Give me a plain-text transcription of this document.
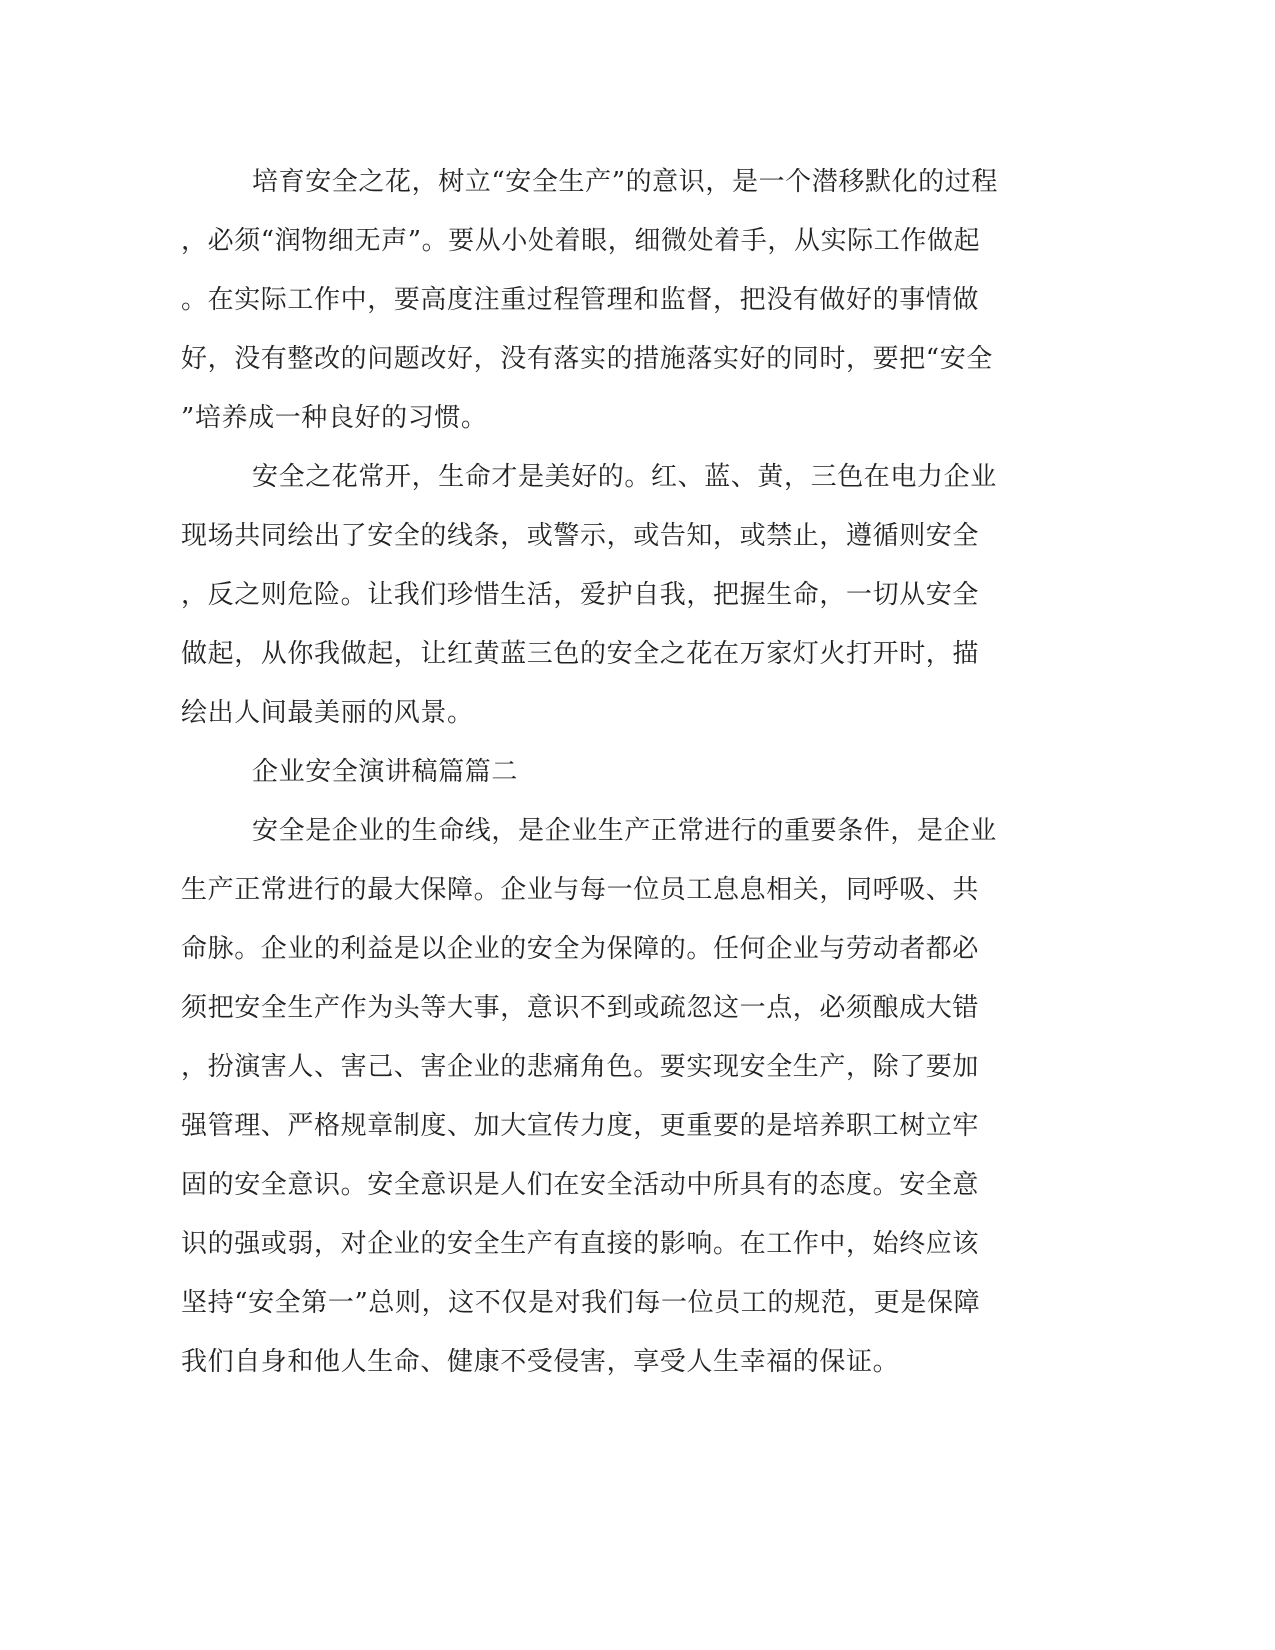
培育安全之花，树立“安全生产”的意识，是一个潜移默化的过程
，必须“润物细无声”。要从小处着眼，细微处着手，从实际工作做起
。在实际工作中，要高度注重过程管理和监督，把没有做好的事情做
好，没有整改的问题改好，没有落实的措施落实好的同时，要把“安全
”培养成一种良好的习惯。
安全之花常开，生命才是美好的。红、蓝、黄，三色在电力企业
现场共同绘出了安全的线条，或警示，或告知，或禁止，遵循则安全
，反之则危险。让我们珍惜生活，爱护自我，把握生命，一切从安全
做起，从你我做起，让红黄蓝三色的安全之花在万家灯火打开时，描
绘出人间最美丽的风景。
企业安全演讲稿篇篇二
安全是企业的生命线，是企业生产正常进行的重要条件，是企业
生产正常进行的最大保障。企业与每一位员工息息相关，同呼吸、共
命脉。企业的利益是以企业的安全为保障的。任何企业与劳动者都必
须把安全生产作为头等大事，意识不到或疏忽这一点，必须酿成大错
，扮演害人、害己、害企业的悲痛角色。要实现安全生产，除了要加
强管理、严格规章制度、加大宣传力度，更重要的是培养职工树立牢
固的安全意识。安全意识是人们在安全活动中所具有的态度。安全意
识的强或弱，对企业的安全生产有直接的影响。在工作中，始终应该
坚持“安全第一”总则，这不仅是对我们每一位员工的规范，更是保障
我们自身和他人生命、健康不受侵害，享受人生幸福的保证。
